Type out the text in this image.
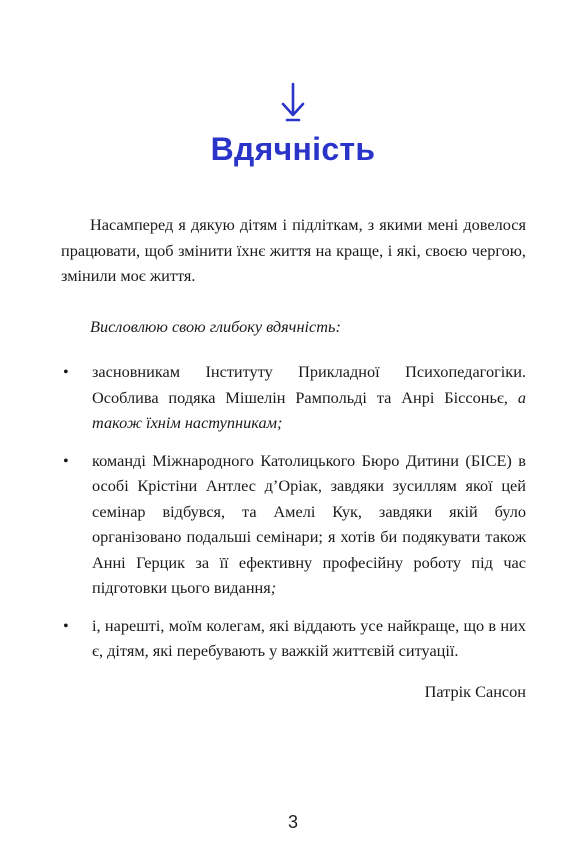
Вдячність

Насамперед я дякую дітям і підліткам, з якими мені довелося працювати, щоб змінити їхнє життя на краще, і які, своєю чергою, змінили моє життя.

Висловлюю свою глибоку вдячність:

• засновникам Інституту Прикладної Психопедагогіки. Особлива подяка Мішелін Рампольді та Анрі Біссоньє, а також їхнім наступникам;
• команді Міжнародного Католицького Бюро Дитини (БІСЕ) в особі Крістіни Антлес д’Оріак, завдяки зусиллям якої цей семінар відбувся, та Амелі Кук, завдяки якій було організовано подальші семінари; я хотів би подякувати також Анні Герцик за її ефективну професійну роботу під час підготовки цього видання;
• і, нарешті, моїм колегам, які віддають усе найкраще, що в них є, дітям, які перебувають у важкій життєвій ситуації.
Патрік Сансон
3
